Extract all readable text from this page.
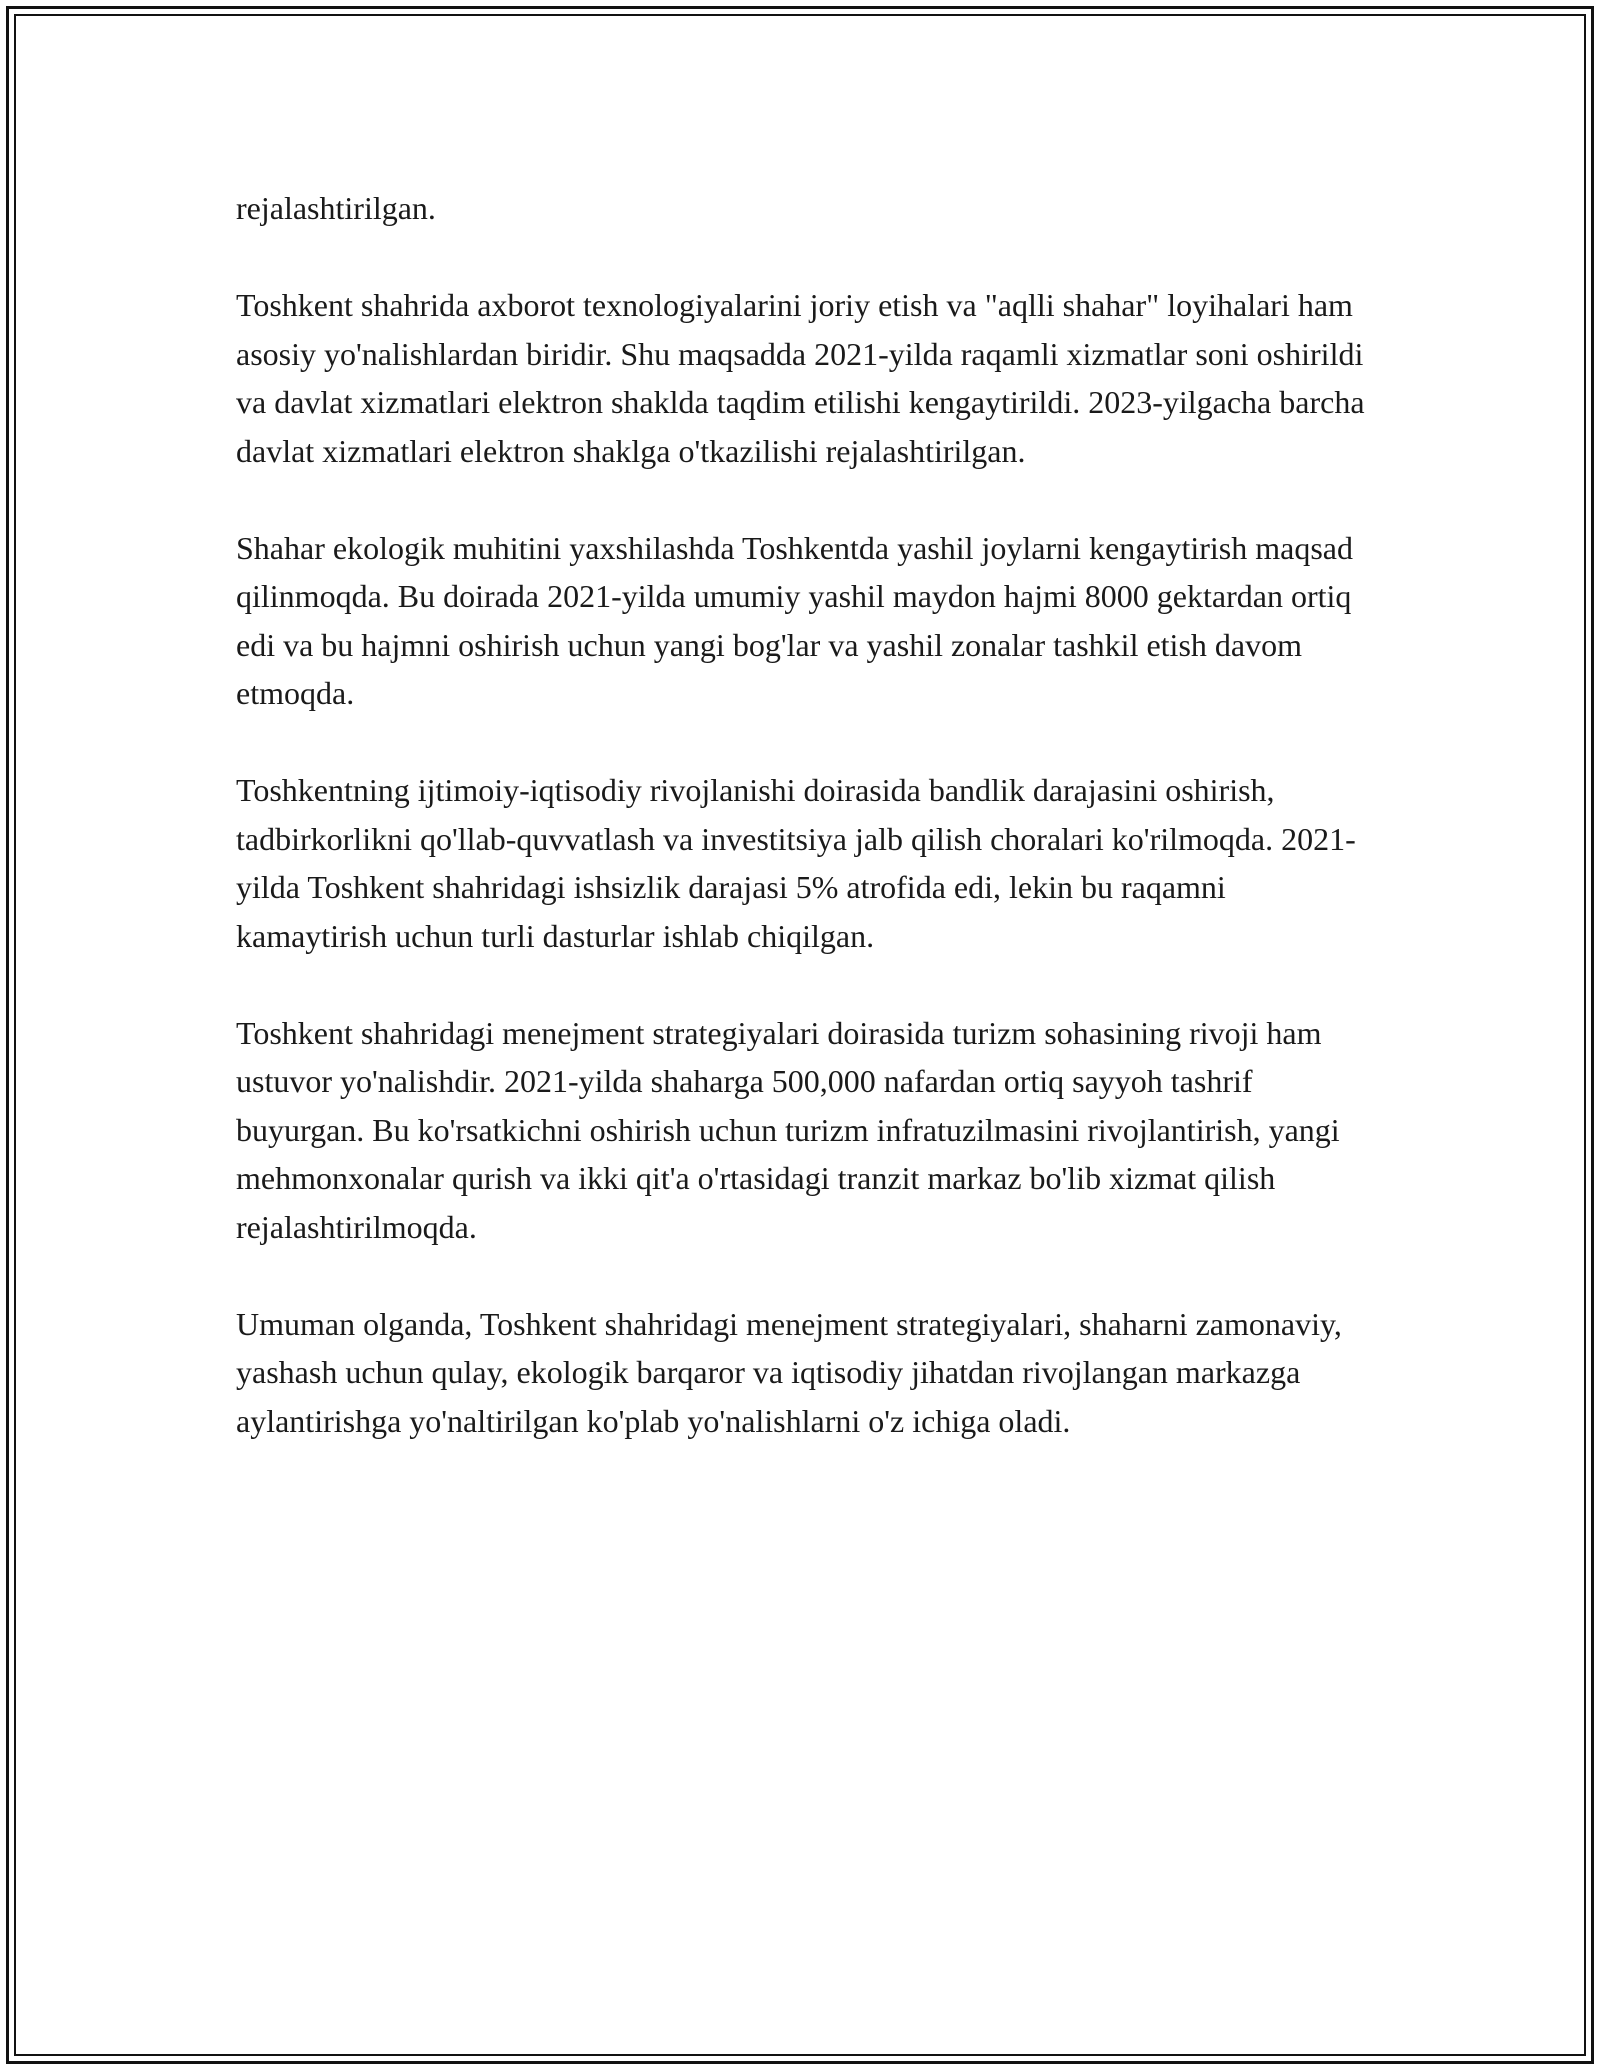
rejalashtirilgan.

Toshkent shahrida axborot texnologiyalarini joriy etish va "aqlli shahar" loyihalari ham asosiy yo'nalishlardan biridir. Shu maqsadda 2021-yilda raqamli xizmatlar soni oshirildi va davlat xizmatlari elektron shaklda taqdim etilishi kengaytirildi. 2023-yilgacha barcha davlat xizmatlari elektron shaklga o'tkazilishi rejalashtirilgan.

Shahar ekologik muhitini yaxshilashda Toshkentda yashil joylarni kengaytirish maqsad qilinmoqda. Bu doirada 2021-yilda umumiy yashil maydon hajmi 8000 gektardan ortiq edi va bu hajmni oshirish uchun yangi bog'lar va yashil zonalar tashkil etish davom etmoqda.

Toshkentning ijtimoiy-iqtisodiy rivojlanishi doirasida bandlik darajasini oshirish, tadbirkorlikni qo'llab-quvvatlash va investitsiya jalb qilish choralari ko'rilmoqda. 2021-yilda Toshkent shahridagi ishsizlik darajasi 5% atrofida edi, lekin bu raqamni kamaytirish uchun turli dasturlar ishlab chiqilgan.

Toshkent shahridagi menejment strategiyalari doirasida turizm sohasining rivoji ham ustuvor yo'nalishdir. 2021-yilda shaharga 500,000 nafardan ortiq sayyoh tashrif buyurgan. Bu ko'rsatkichni oshirish uchun turizm infratuzilmasini rivojlantirish, yangi mehmonxonalar qurish va ikki qit'a o'rtasidagi tranzit markaz bo'lib xizmat qilish rejalashtirilmoqda.

Umuman olganda, Toshkent shahridagi menejment strategiyalari, shaharni zamonaviy, yashash uchun qulay, ekologik barqaror va iqtisodiy jihatdan rivojlangan markazga aylantirishga yo'naltirilgan ko'plab yo'nalishlarni o'z ichiga oladi.
